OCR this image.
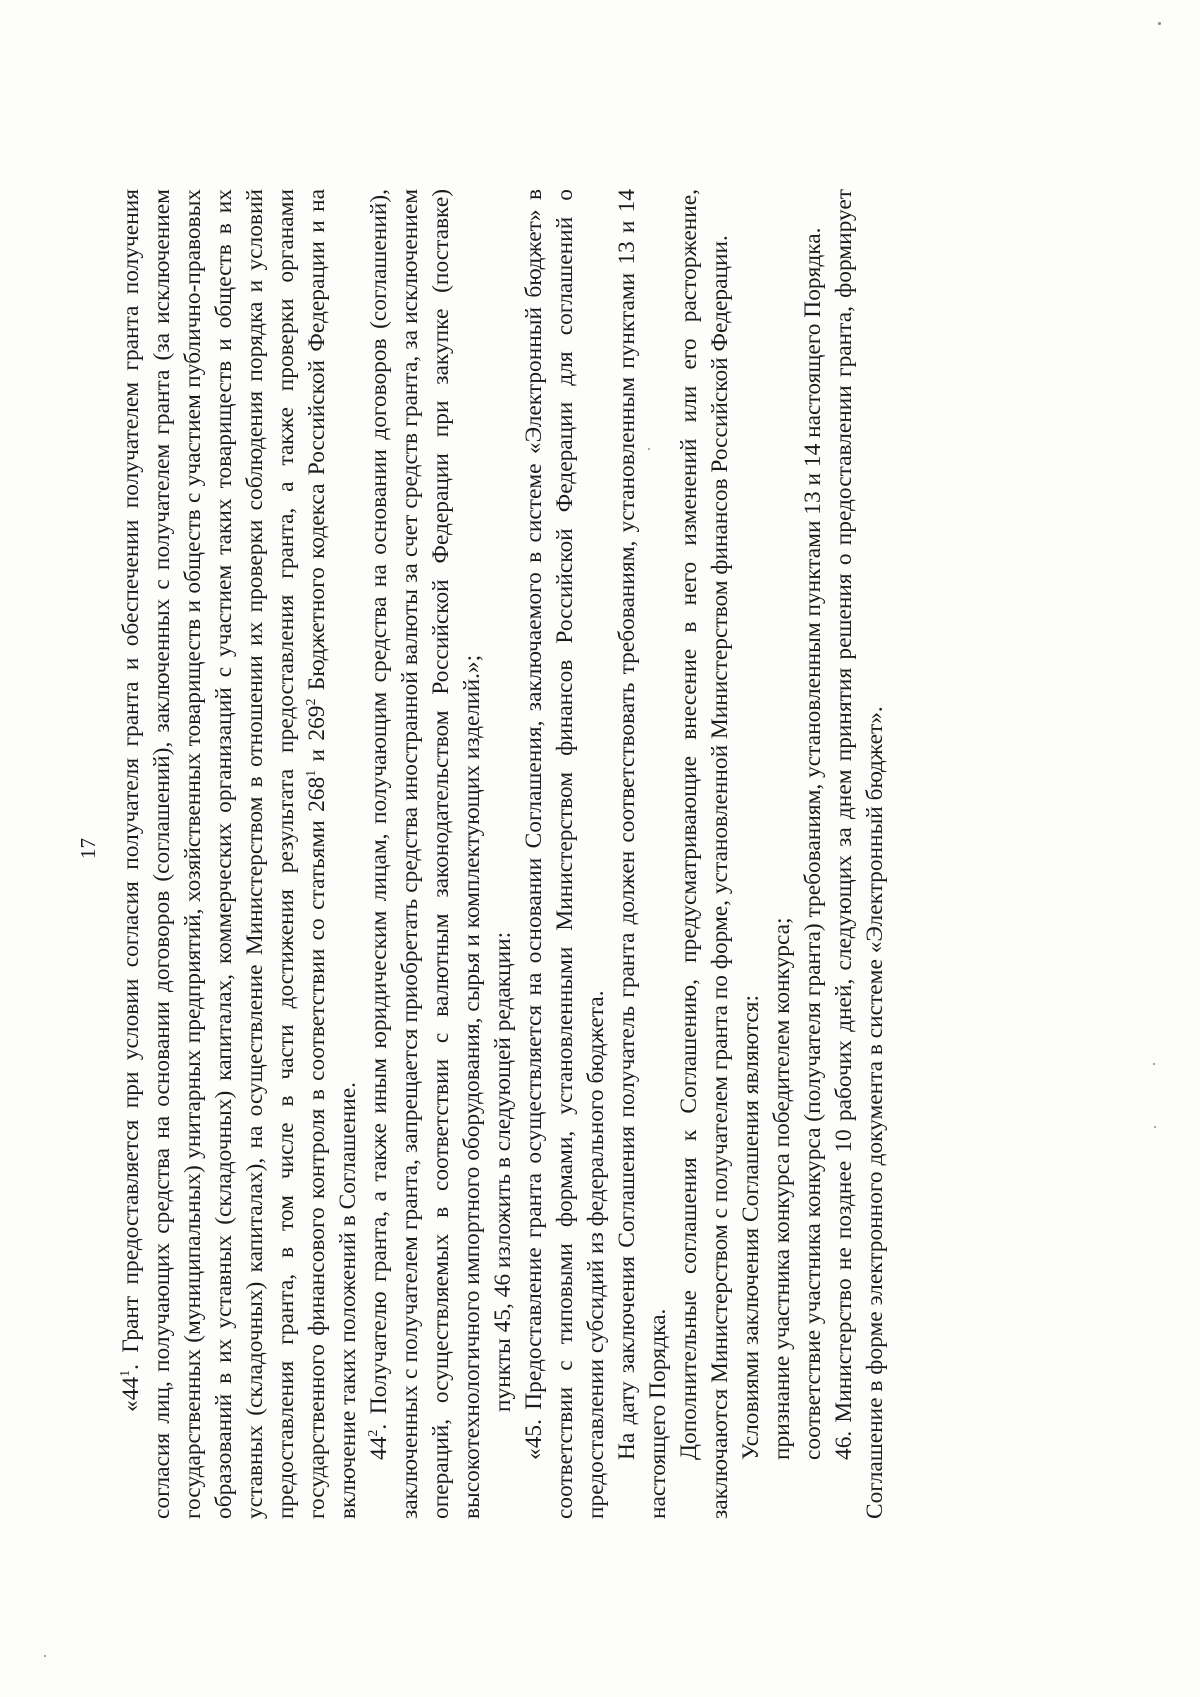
17

«$44^1$. Грант предоставляется при условии согласия получателя гранта и обеспечении получателем гранта получения согласия лиц, получающих средства на основании договоров (соглашений), заключенных с получателем гранта (за исключением государственных (муниципальных) унитарных предприятий, хозяйственных товариществ и обществ с участием публично-правовых образований в их уставных (складочных) капиталах, коммерческих организаций с участием таких товариществ и обществ в их уставных (складочных) капиталах), на осуществление Министерством в отношении их проверки соблюдения порядка и условий предоставления гранта, в том числе в части достижения результата предоставления гранта, а также проверки органами государственного финансового контроля в соответствии со статьями $268^1$ и $269^2$ Бюджетного кодекса Российской Федерации и на включение таких положений в Соглашение. $44^2$. Получателю гранта, а также иным юридическим лицам, получающим средства на основании договоров (соглашений), заключенных с получателем гранта, запрещается приобретать средства иностранной валюты за счет средств гранта, за исключением операций, осуществляемых в соответствии с валютным законодательством Российской Федерации при закупке (поставке) высокотехнологичного импортного оборудования, сырья и комплектующих изделий.»; пункты 45, 46 изложить в следующей редакции: «45. Предоставление гранта осуществляется на основании Соглашения, заключаемого в системе «Электронный бюджет» в соответствии с типовыми формами, установленными Министерством финансов Российской Федерации для соглашений о предоставлении субсидий из федерального бюджета. На дату заключения Соглашения получатель гранта должен соответствовать требованиям, установленным пунктами 13 и 14 настоящего Порядка. Дополнительные соглашения к Соглашению, предусматривающие внесение в него изменений или его расторжение, заключаются Министерством с получателем гранта по форме, установленной Министерством финансов Российской Федерации. Условиями заключения Соглашения являются: признание участника конкурса победителем конкурса; соответствие участника конкурса (получателя гранта) требованиям, установленным пунктами 13 и 14 настоящего Порядка. 46. Министерство не позднее 10 рабочих дней, следующих за днем принятия решения о предоставлении гранта, формирует Соглашение в форме электронного документа в системе «Электронный бюджет».
